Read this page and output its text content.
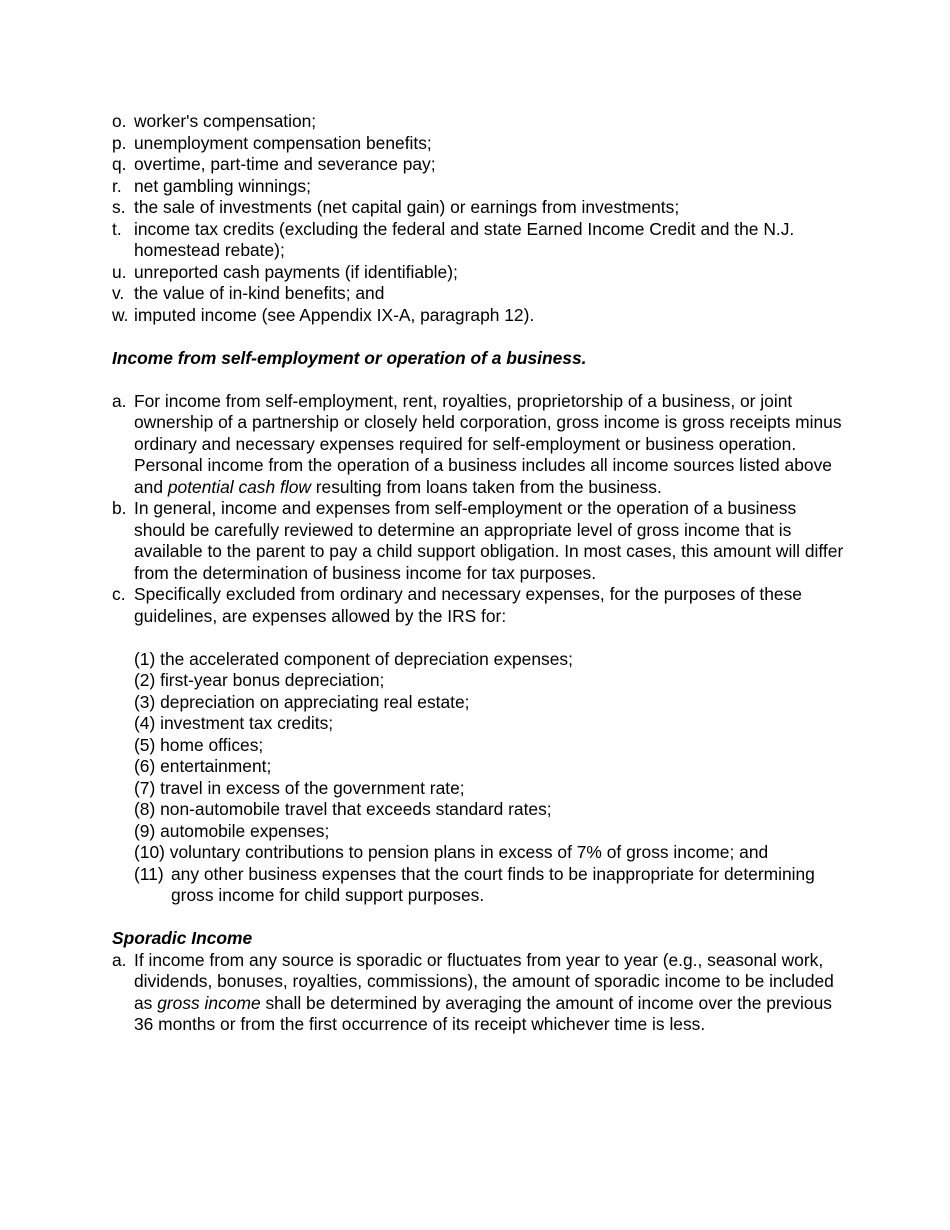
o. worker's compensation;
p. unemployment compensation benefits;
q. overtime, part-time and severance pay;
r. net gambling winnings;
s. the sale of investments (net capital gain) or earnings from investments;
t. income tax credits (excluding the federal and state Earned Income Credit and the N.J. homestead rebate);
u. unreported cash payments (if identifiable);
v. the value of in-kind benefits; and
w. imputed income (see Appendix IX-A, paragraph 12).
Income from self-employment or operation of a business.
a. For income from self-employment, rent, royalties, proprietorship of a business, or joint ownership of a partnership or closely held corporation, gross income is gross receipts minus ordinary and necessary expenses required for self-employment or business operation. Personal income from the operation of a business includes all income sources listed above and potential cash flow resulting from loans taken from the business.
b. In general, income and expenses from self-employment or the operation of a business should be carefully reviewed to determine an appropriate level of gross income that is available to the parent to pay a child support obligation. In most cases, this amount will differ from the determination of business income for tax purposes.
c. Specifically excluded from ordinary and necessary expenses, for the purposes of these guidelines, are expenses allowed by the IRS for:
(1) the accelerated component of depreciation expenses;
(2) first-year bonus depreciation;
(3) depreciation on appreciating real estate;
(4) investment tax credits;
(5) home offices;
(6) entertainment;
(7) travel in excess of the government rate;
(8) non-automobile travel that exceeds standard rates;
(9) automobile expenses;
(10) voluntary contributions to pension plans in excess of 7% of gross income; and
(11) any other business expenses that the court finds to be inappropriate for determining gross income for child support purposes.
Sporadic Income
a. If income from any source is sporadic or fluctuates from year to year (e.g., seasonal work, dividends, bonuses, royalties, commissions), the amount of sporadic income to be included as gross income shall be determined by averaging the amount of income over the previous 36 months or from the first occurrence of its receipt whichever time is less.
